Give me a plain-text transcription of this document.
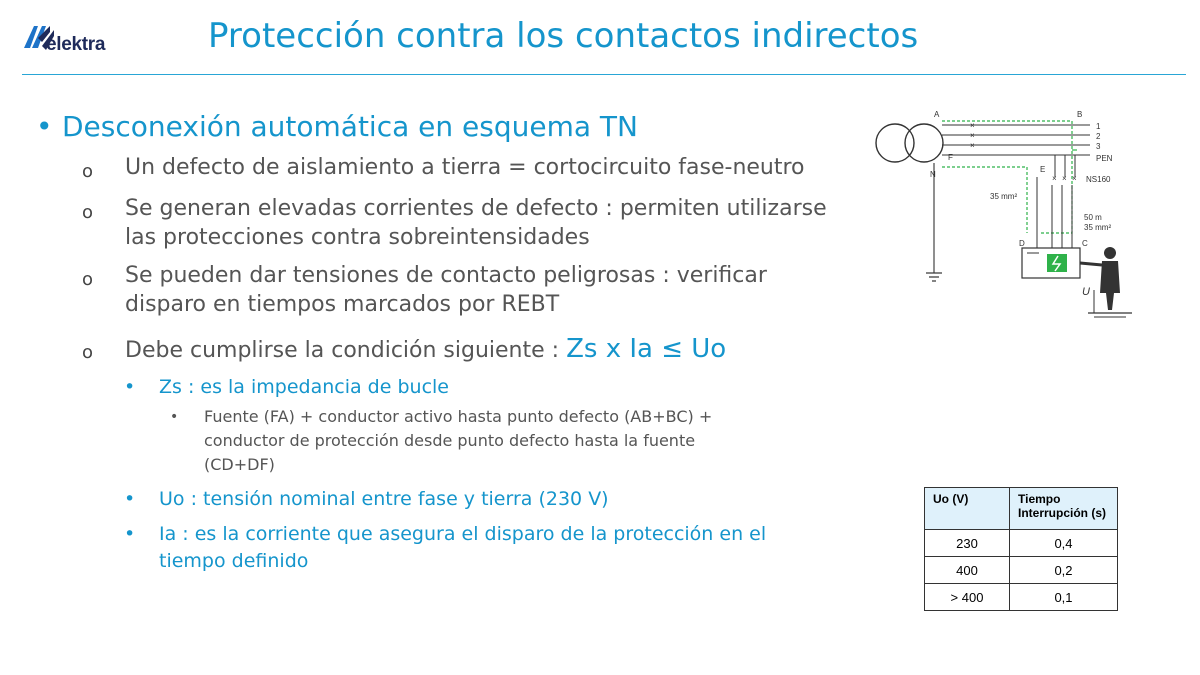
elektra	Protección contra los contactos indirectos
• Desconexión automática en esquema TN
o Un defecto de aislamiento a tierra = cortocircuito fase-neutro
o Se generan elevadas corrientes de defecto : permiten utilizarse
las protecciones contra sobreintensidades
o Se pueden dar tensiones de contacto peligrosas : verificar
disparo en tiempos marcados por REBT
o Debe cumplirse la condición siguiente : Zs x Ia ≤ Uo
• Zs : es la impedancia de bucle
• Fuente (FA) + conductor activo hasta punto defecto (AB+BC) +
conductor de protección desde punto defecto hasta la fuente
(CD+DF)
• Uo : tensión nominal entre fase y tierra (230 V)
• Ia : es la corriente que asegura el disparo de la protección en el
tiempo definido
×
×
×
× × ×
A	B
C
D
E
F
N
1
2
3
PEN
NS160
35 mm²
50 m
35 mm²
U
Uo (V)	Tiempo
Interrupción (s)
230	0,4
400	0,2
> 400	0,1
